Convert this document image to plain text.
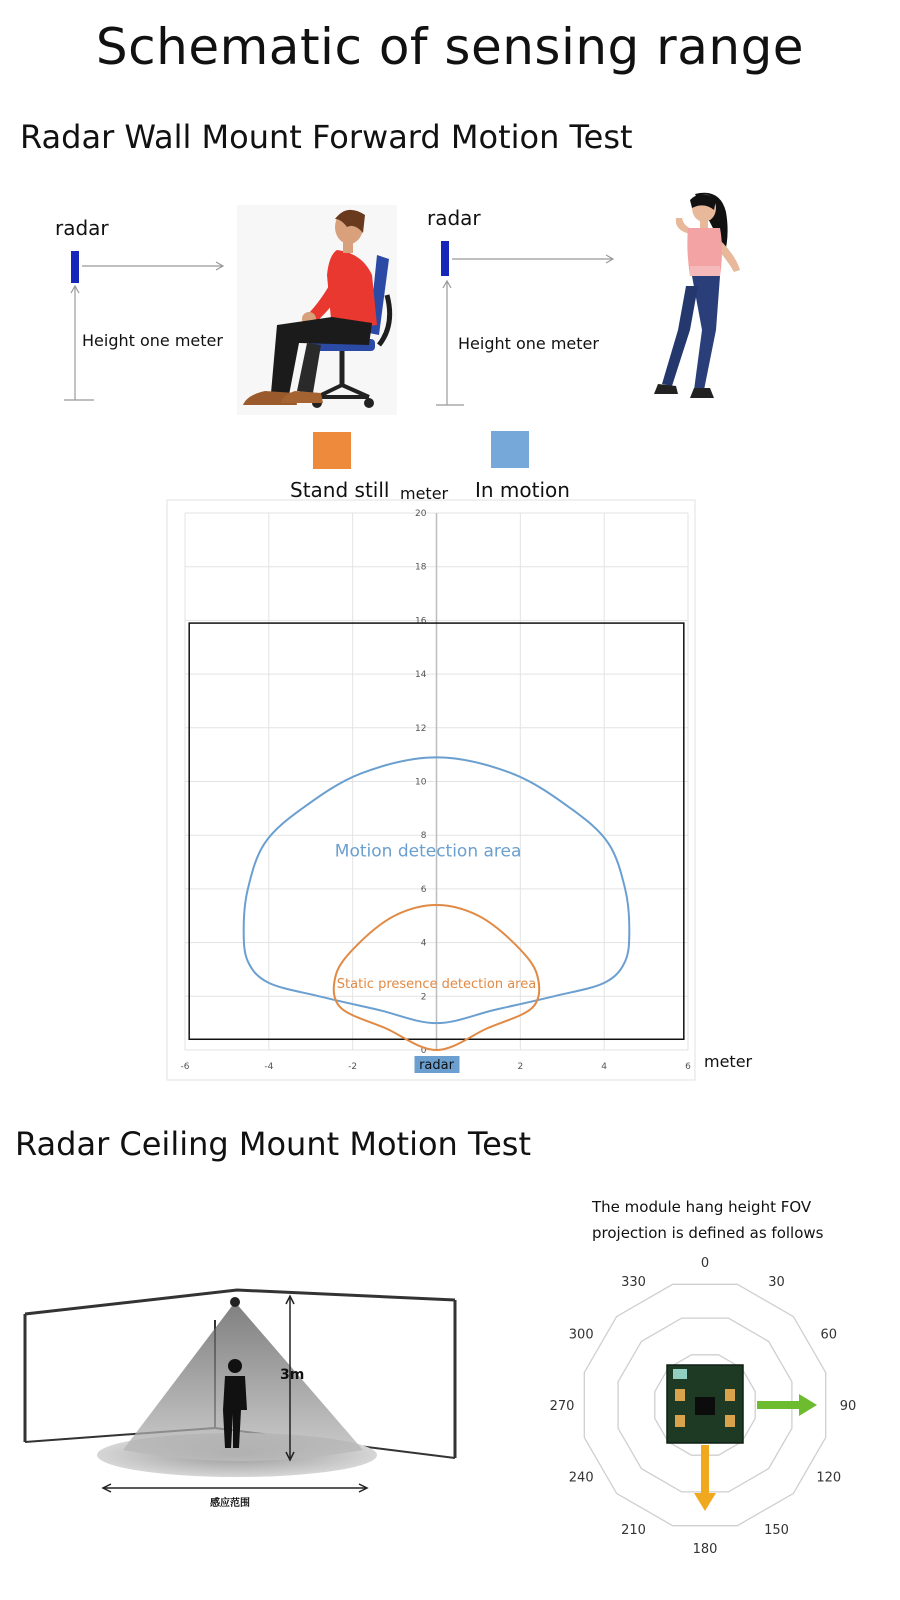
Schematic of sensing range
Radar Wall Mount Forward Motion Test
radar
Height one meter
radar
Height one meter
Stand still	In motion
meter
meter
0
2
4
6
8
10
12
14
16
18
20
-6	-4	-2	2	4	6
Motion detection area
Static presence detection area
radar
Radar Ceiling Mount Motion Test
3m
感应范围
The module hang height FOV
projection is defined as follows
0
30
60
90
120
150
180
210
240
270
300
330
